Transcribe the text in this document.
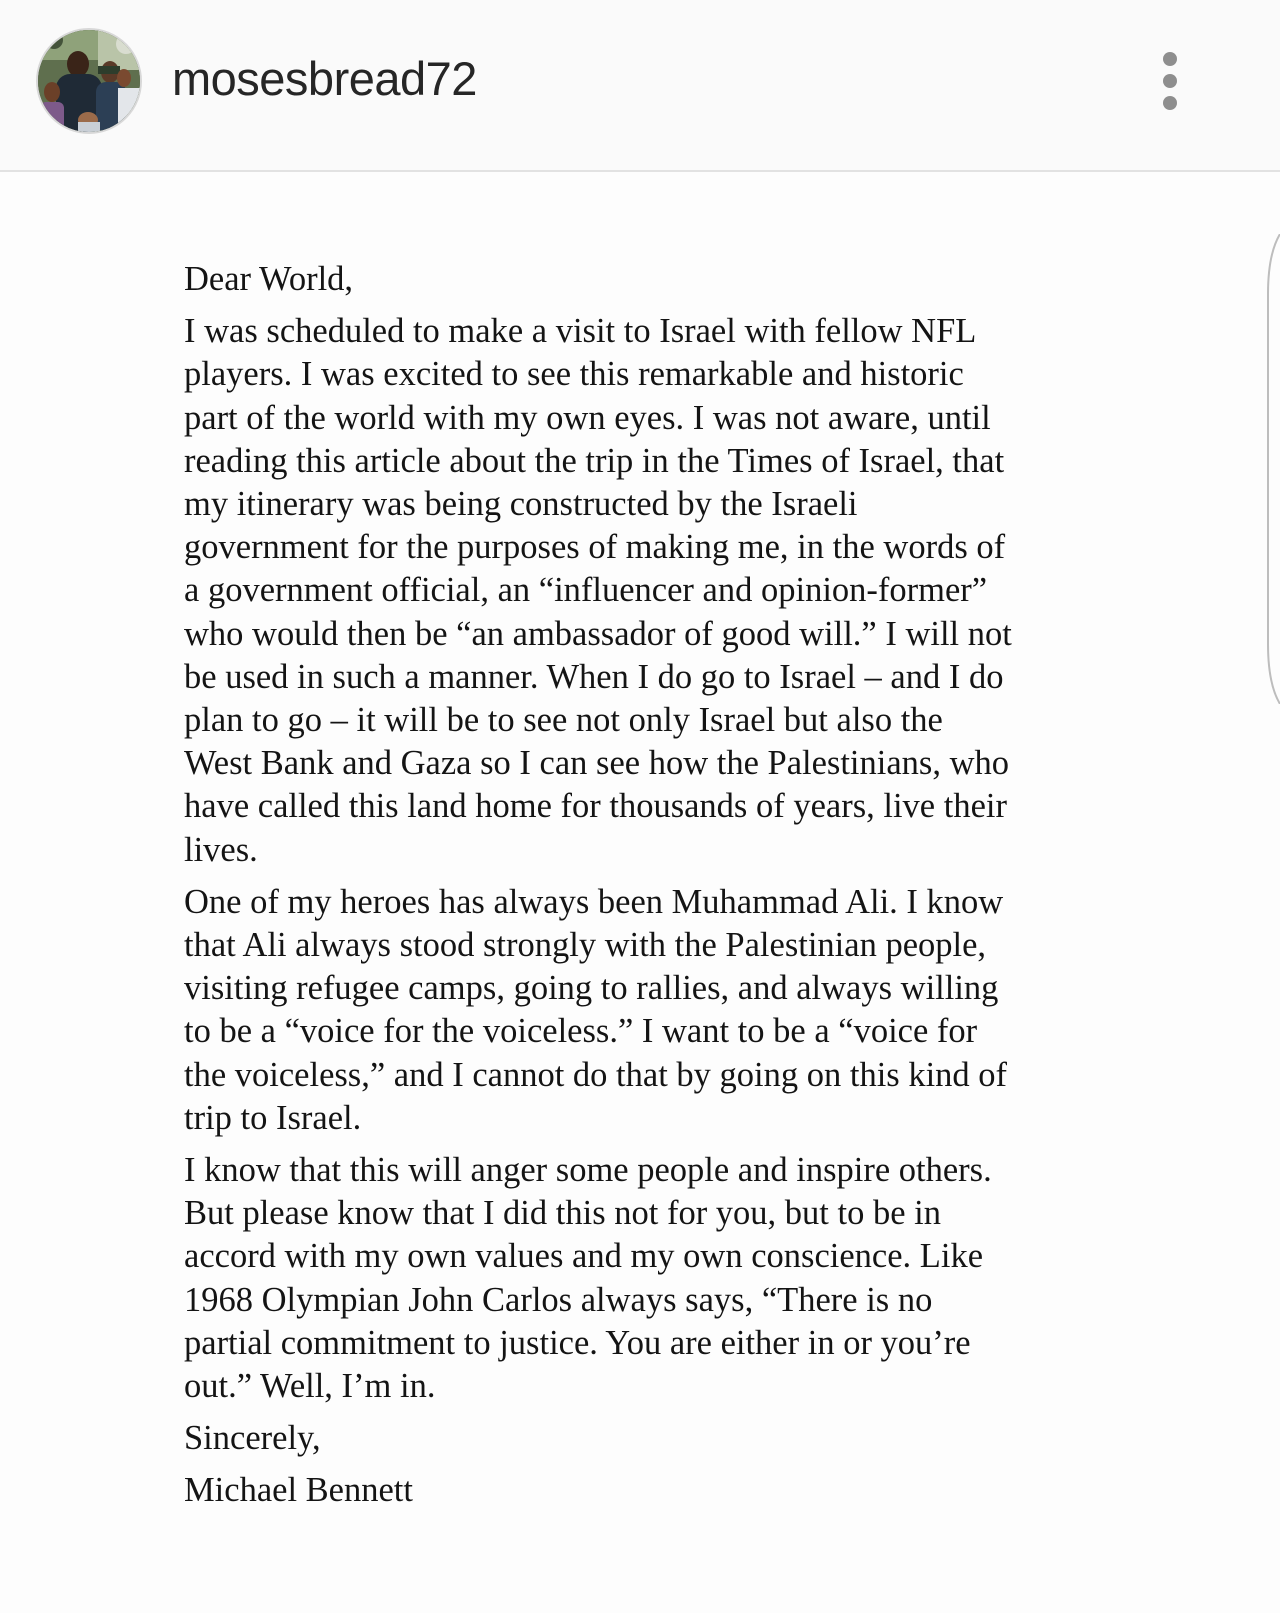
mosesbread72

Dear World,

I was scheduled to make a visit to Israel with fellow NFL
players. I was excited to see this remarkable and historic
part of the world with my own eyes. I was not aware, until
reading this article about the trip in the Times of Israel, that
my itinerary was being constructed by the Israeli
government for the purposes of making me, in the words of
a government official, an “influencer and opinion-former”
who would then be “an ambassador of good will.” I will not
be used in such a manner. When I do go to Israel – and I do
plan to go – it will be to see not only Israel but also the
West Bank and Gaza so I can see how the Palestinians, who
have called this land home for thousands of years, live their
lives.

One of my heroes has always been Muhammad Ali. I know
that Ali always stood strongly with the Palestinian people,
visiting refugee camps, going to rallies, and always willing
to be a “voice for the voiceless.” I want to be a “voice for
the voiceless,” and I cannot do that by going on this kind of
trip to Israel.

I know that this will anger some people and inspire others.
But please know that I did this not for you, but to be in
accord with my own values and my own conscience. Like
1968 Olympian John Carlos always says, “There is no
partial commitment to justice. You are either in or you’re
out.” Well, I’m in.

Sincerely,

Michael Bennett
